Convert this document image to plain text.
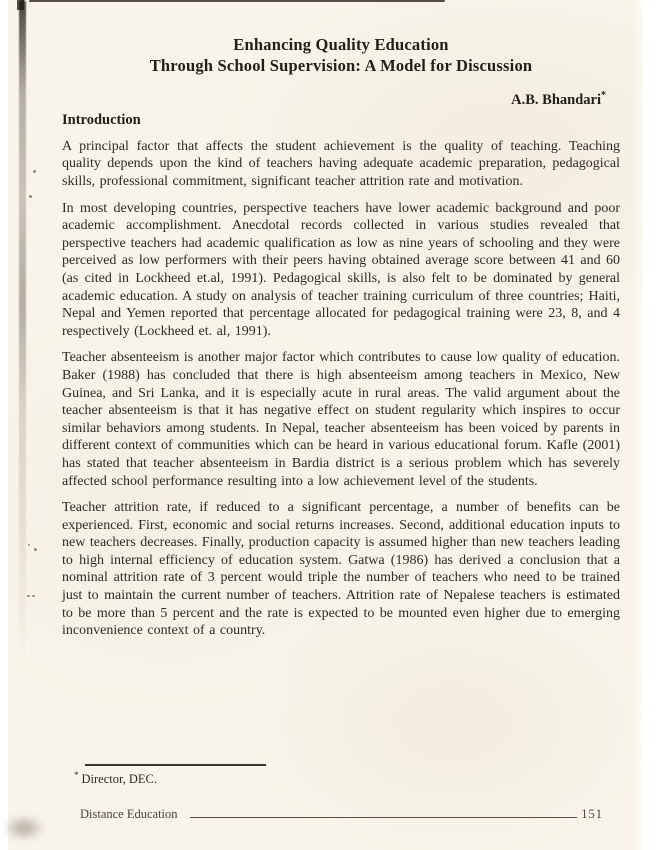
Enhancing Quality Education
Through School Supervision: A Model for Discussion
A.B. Bhandari*
Introduction

A principal factor that affects the student achievement is the quality of teaching. Teaching quality depends upon the kind of teachers having adequate academic preparation, pedagogical skills, professional commitment, significant teacher attrition rate and motivation.

In most developing countries, perspective teachers have lower academic background and poor academic accomplishment. Anecdotal records collected in various studies revealed that perspective teachers had academic qualification as low as nine years of schooling and they were perceived as low performers with their peers having obtained average score between 41 and 60 (as cited in Lockheed et.al, 1991). Pedagogical skills, is also felt to be dominated by general academic education. A study on analysis of teacher training curriculum of three countries; Haiti, Nepal and Yemen reported that percentage allocated for pedagogical training were 23, 8, and 4 respectively (Lockheed et. al, 1991).

Teacher absenteeism is another major factor which contributes to cause low quality of education. Baker (1988) has concluded that there is high absenteeism among teachers in Mexico, New Guinea, and Sri Lanka, and it is especially acute in rural areas. The valid argument about the teacher absenteeism is that it has negative effect on student regularity which inspires to occur similar behaviors among students. In Nepal, teacher absenteeism has been voiced by parents in different context of communities which can be heard in various educational forum. Kafle (2001) has stated that teacher absenteeism in Bardia district is a serious problem which has severely affected school performance resulting into a low achievement level of the students.

Teacher attrition rate, if reduced to a significant percentage, a number of benefits can be experienced. First, economic and social returns increases. Second, additional education inputs to new teachers decreases. Finally, production capacity is assumed higher than new teachers leading to high internal efficiency of education system. Gatwa (1986) has derived a conclusion that a nominal attrition rate of 3 percent would triple the number of teachers who need to be trained just to maintain the current number of teachers. Attrition rate of Nepalese teachers is estimated to be more than 5 percent and the rate is expected to be mounted even higher due to emerging inconvenience context of a country.

* Director, DEC.
Distance Education	151
